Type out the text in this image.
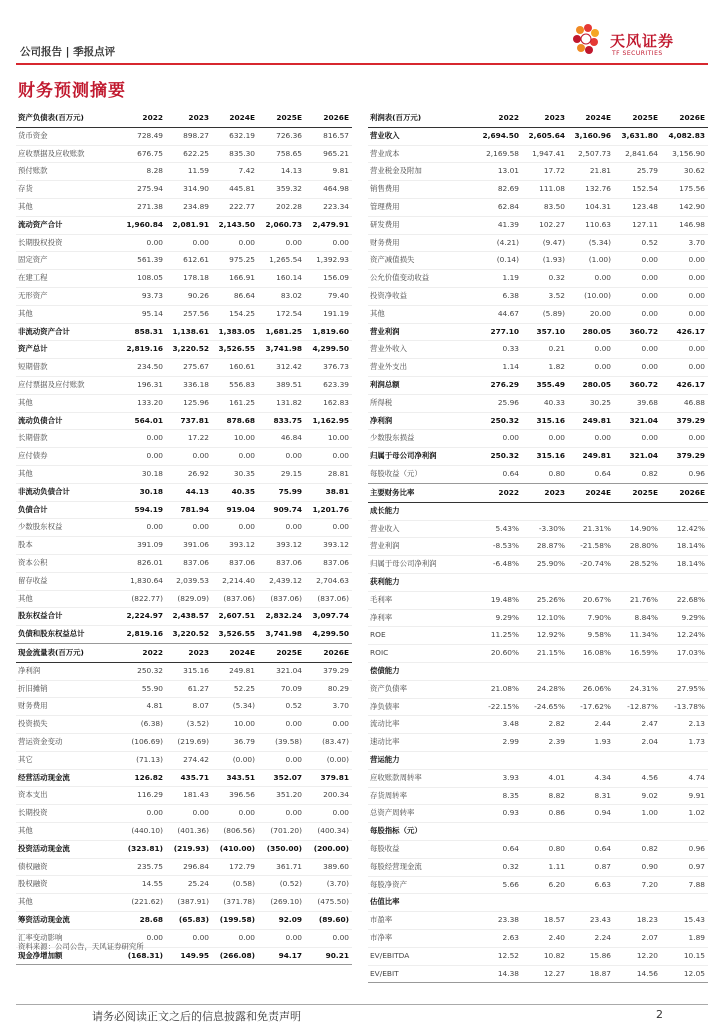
公司报告 | 季报点评
天风证券
TF SECURITIES
财务预测摘要
资产负债表(百万元)	2022	2023	2024E	2025E	2026E
货币资金	728.49	898.27	632.19	726.36	816.57
应收票据及应收账款	676.75	622.25	835.30	758.65	965.21
预付账款	8.28	11.59	7.42	14.13	9.81
存货	275.94	314.90	445.81	359.32	464.98
其他	271.38	234.89	222.77	202.28	223.34
流动资产合计	1,960.84	2,081.91	2,143.50	2,060.73	2,479.91
长期股权投资	0.00	0.00	0.00	0.00	0.00
固定资产	561.39	612.61	975.25	1,265.54	1,392.93
在建工程	108.05	178.18	166.91	160.14	156.09
无形资产	93.73	90.26	86.64	83.02	79.40
其他	95.14	257.56	154.25	172.54	191.19
非流动资产合计	858.31	1,138.61	1,383.05	1,681.25	1,819.60
资产总计	2,819.16	3,220.52	3,526.55	3,741.98	4,299.50
短期借款	234.50	275.67	160.61	312.42	376.73
应付票据及应付账款	196.31	336.18	556.83	389.51	623.39
其他	133.20	125.96	161.25	131.82	162.83
流动负债合计	564.01	737.81	878.68	833.75	1,162.95
长期借款	0.00	17.22	10.00	46.84	10.00
应付债券	0.00	0.00	0.00	0.00	0.00
其他	30.18	26.92	30.35	29.15	28.81
非流动负债合计	30.18	44.13	40.35	75.99	38.81
负债合计	594.19	781.94	919.04	909.74	1,201.76
少数股东权益	0.00	0.00	0.00	0.00	0.00
股本	391.09	391.06	393.12	393.12	393.12
资本公积	826.01	837.06	837.06	837.06	837.06
留存收益	1,830.64	2,039.53	2,214.40	2,439.12	2,704.63
其他	(822.77)	(829.09)	(837.06)	(837.06)	(837.06)
股东权益合计	2,224.97	2,438.57	2,607.51	2,832.24	3,097.74
负债和股东权益总计	2,819.16	3,220.52	3,526.55	3,741.98	4,299.50
利润表(百万元)	2022	2023	2024E	2025E	2026E
营业收入	2,694.50	2,605.64	3,160.96	3,631.80	4,082.83
营业成本	2,169.58	1,947.41	2,507.73	2,841.64	3,156.90
营业税金及附加	13.01	17.72	21.81	25.79	30.62
销售费用	82.69	111.08	132.76	152.54	175.56
管理费用	62.84	83.50	104.31	123.48	142.90
研发费用	41.39	102.27	110.63	127.11	146.98
财务费用	(4.21)	(9.47)	(5.34)	0.52	3.70
资产减值损失	(0.14)	(1.93)	(1.00)	0.00	0.00
公允价值变动收益	1.19	0.32	0.00	0.00	0.00
投资净收益	6.38	3.52	(10.00)	0.00	0.00
其他	44.67	(5.89)	20.00	0.00	0.00
营业利润	277.10	357.10	280.05	360.72	426.17
营业外收入	0.33	0.21	0.00	0.00	0.00
营业外支出	1.14	1.82	0.00	0.00	0.00
利润总额	276.29	355.49	280.05	360.72	426.17
所得税	25.96	40.33	30.25	39.68	46.88
净利润	250.32	315.16	249.81	321.04	379.29
少数股东损益	0.00	0.00	0.00	0.00	0.00
归属于母公司净利润	250.32	315.16	249.81	321.04	379.29
每股收益（元）	0.64	0.80	0.64	0.82	0.96
主要财务比率	2022	2023	2024E	2025E	2026E
成长能力					
营业收入	5.43%	-3.30%	21.31%	14.90%	12.42%
营业利润	-8.53%	28.87%	-21.58%	28.80%	18.14%
归属于母公司净利润	-6.48%	25.90%	-20.74%	28.52%	18.14%
获利能力					
毛利率	19.48%	25.26%	20.67%	21.76%	22.68%
净利率	9.29%	12.10%	7.90%	8.84%	9.29%
ROE	11.25%	12.92%	9.58%	11.34%	12.24%
ROIC	20.60%	21.15%	16.08%	16.59%	17.03%
偿债能力					
资产负债率	21.08%	24.28%	26.06%	24.31%	27.95%
净负债率	-22.15%	-24.65%	-17.62%	-12.87%	-13.78%
流动比率	3.48	2.82	2.44	2.47	2.13
速动比率	2.99	2.39	1.93	2.04	1.73
营运能力					
应收账款周转率	3.93	4.01	4.34	4.56	4.74
存货周转率	8.35	8.82	8.31	9.02	9.91
总资产周转率	0.93	0.86	0.94	1.00	1.02
每股指标（元）					
每股收益	0.64	0.80	0.64	0.82	0.96
每股经营现金流	0.32	1.11	0.87	0.90	0.97
每股净资产	5.66	6.20	6.63	7.20	7.88
估值比率					
市盈率	23.38	18.57	23.43	18.23	15.43
市净率	2.63	2.40	2.24	2.07	1.89
EV/EBITDA	12.52	10.82	15.86	12.20	10.15
EV/EBIT	14.38	12.27	18.87	14.56	12.05
现金流量表(百万元)	2022	2023	2024E	2025E	2026E
净利润	250.32	315.16	249.81	321.04	379.29
折旧摊销	55.90	61.27	52.25	70.09	80.29
财务费用	4.81	8.07	(5.34)	0.52	3.70
投资损失	(6.38)	(3.52)	10.00	0.00	0.00
营运资金变动	(106.69)	(219.69)	36.79	(39.58)	(83.47)
其它	(71.13)	274.42	(0.00)	0.00	(0.00)
经营活动现金流	126.82	435.71	343.51	352.07	379.81
资本支出	116.29	181.43	396.56	351.20	200.34
长期投资	0.00	0.00	0.00	0.00	0.00
其他	(440.10)	(401.36)	(806.56)	(701.20)	(400.34)
投资活动现金流	(323.81)	(219.93)	(410.00)	(350.00)	(200.00)
债权融资	235.75	296.84	172.79	361.71	389.60
股权融资	14.55	25.24	(0.58)	(0.52)	(3.70)
其他	(221.62)	(387.91)	(371.78)	(269.10)	(475.50)
筹资活动现金流	28.68	(65.83)	(199.58)	92.09	(89.60)
汇率变动影响	0.00	0.00	0.00	0.00	0.00
现金净增加额	(168.31)	149.95	(266.08)	94.17	90.21
资料来源：公司公告，天风证券研究所
请务必阅读正文之后的信息披露和免责声明	2
